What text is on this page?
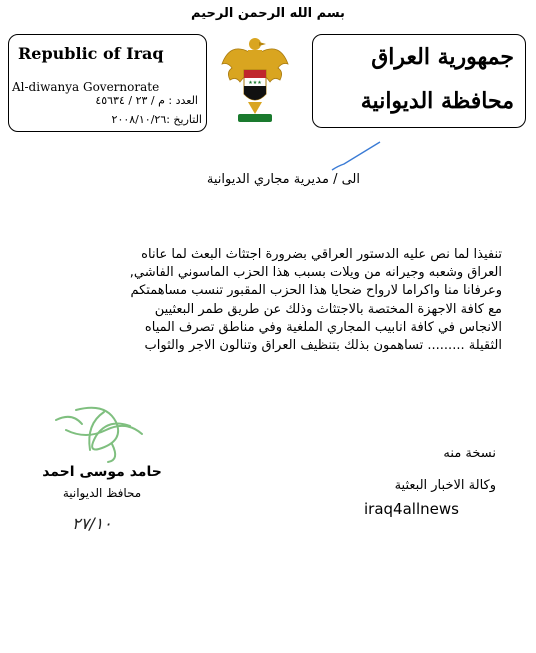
بسم الله الرحمن الرحيم
Republic of Iraq
Al-diwanya Governorate
العدد : م / ٢٣ / ٤٥٦٣٤
التاريخ :٢٠٠٨/١٠/٢٦
★★★
جمهورية العراق
محافظة الديوانية
الى / مديرية مجاري الديوانية
تنفيذا لما نص عليه الدستور العراقي بضرورة اجتثاث البعث لما عاناه
العراق وشعبه وجيرانه من ويلات بسبب هذا الحزب الماسوني الفاشي,
وعرفانا منا واكراما لارواح ضحايا هذا الحزب المقبور تنسب مساهمتكم
مع كافة الاجهزة المختصة بالاجتثاث وذلك عن طريق طمر البعثيين
الانجاس في كافة انابيب المجاري الملغية وفي مناطق تصرف المياه
الثقيلة ......... تساهمون بذلك بتنظيف العراق وتنالون الاجر والثواب
حامد موسى احمد
محافظ الديوانية
٢٧/١٠
نسخة منه
وكالة الاخبار البعثية
iraq4allnews
